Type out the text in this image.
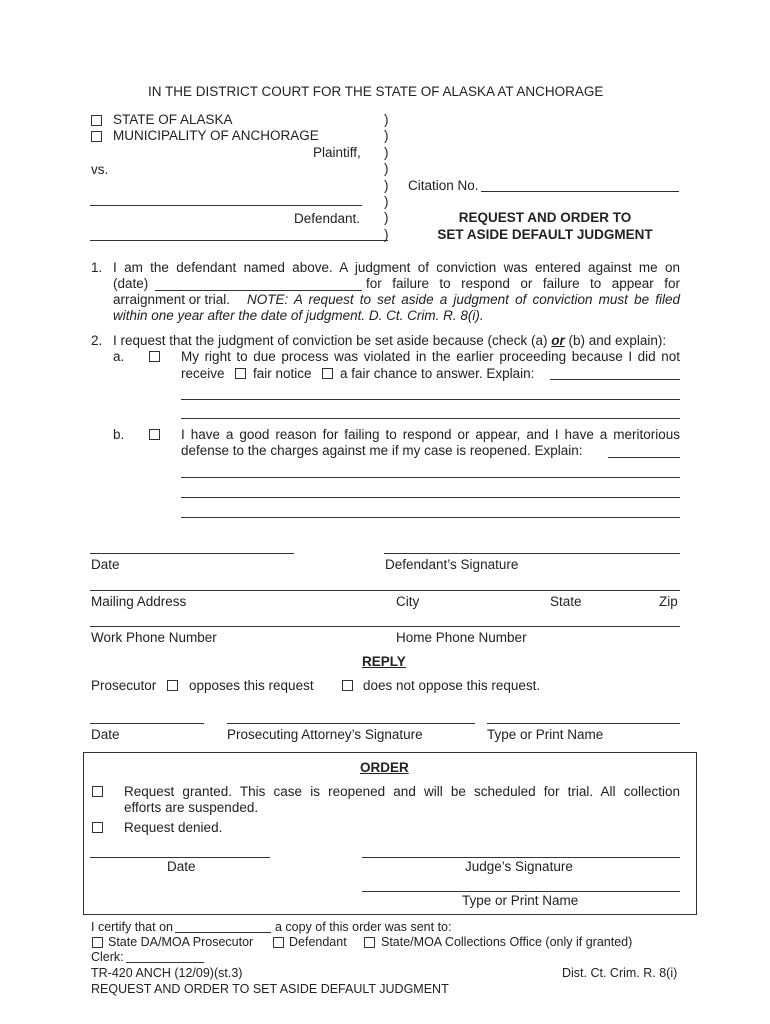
IN THE DISTRICT COURT FOR THE STATE OF ALASKA AT ANCHORAGE
STATE OF ALASKA
MUNICIPALITY OF ANCHORAGE
Plaintiff,
vs.
Defendant.
)
)
)
)
)
)
)
)
Citation No.
REQUEST AND ORDER TO
SET ASIDE DEFAULT JUDGMENT
1. I am the defendant named above. A judgment of conviction was entered against me on
(date)	for failure to respond or failure to appear for
arraignment or trial. NOTE: A request to set aside a judgment of conviction must be filed
within one year after the date of judgment. D. Ct. Crim. R. 8(i).
2. I request that the judgment of conviction be set aside because (check (a) or (b) and explain):
a.	My right to due process was violated in the earlier proceeding because I did not
receive fair notice a fair chance to answer. Explain:
b.	I have a good reason for failing to respond or appear, and I have a meritorious
defense to the charges against me if my case is reopened. Explain:
Date	Defendant’s Signature
Mailing Address	City	State	Zip
Work Phone Number	Home Phone Number
REPLY
Prosecutor opposes this request	does not oppose this request.
Date	Prosecuting Attorney’s Signature	Type or Print Name
ORDER
Request granted. This case is reopened and will be scheduled for trial. All collection
efforts are suspended.
Request denied.
Date	Judge’s Signature
Type or Print Name
I certify that on	a copy of this order was sent to:
State DA/MOA Prosecutor	Defendant	State/MOA Collections Office (only if granted)
Clerk:
TR-420 ANCH (12/09)(st.3)	Dist. Ct. Crim. R. 8(i)
REQUEST AND ORDER TO SET ASIDE DEFAULT JUDGMENT
